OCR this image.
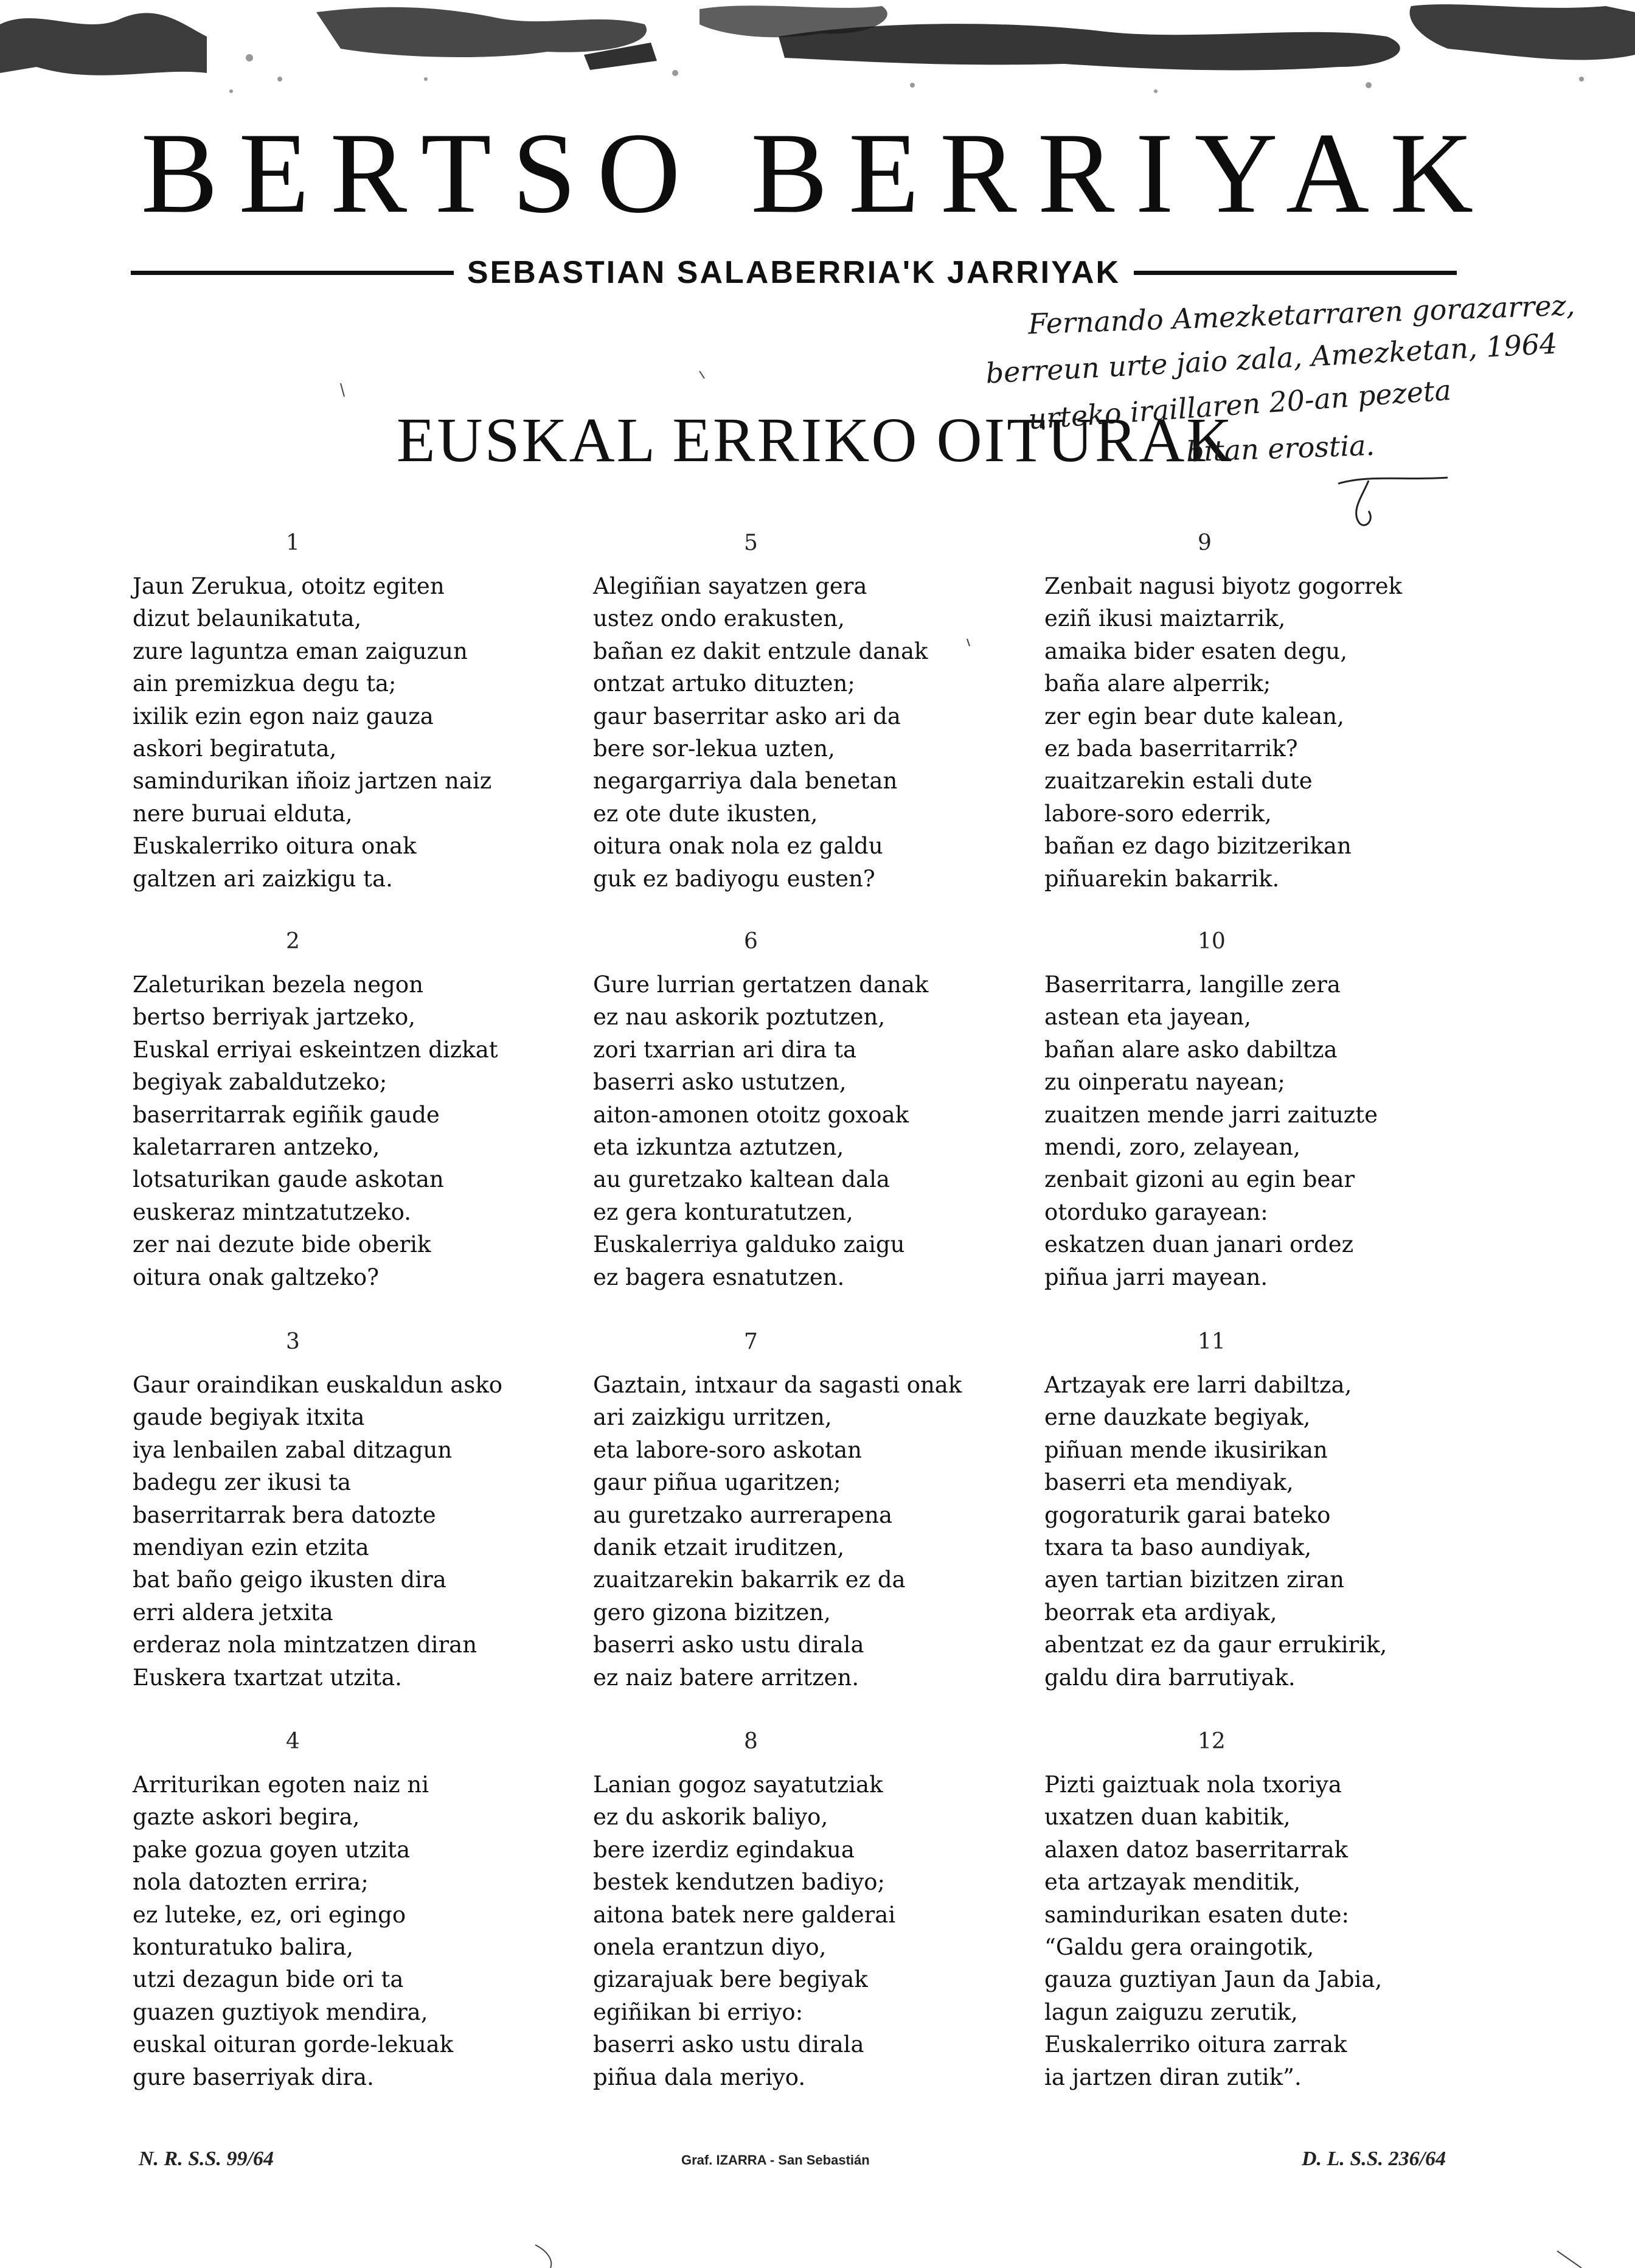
BERTSO BERRIYAK
SEBASTIAN SALABERRIA'K JARRIYAK
EUSKAL ERRIKO OITURAK
Fernando Amezketarraren gorazarrez,
berreun urte jaio zala, Amezketan, 1964
urteko iraillaren 20-an pezeta
bitan erostia.
1
Jaun Zerukua, otoitz egiten
dizut belaunikatuta,
zure laguntza eman zaiguzun
ain premizkua degu ta;
ixilik ezin egon naiz gauza
askori begiratuta,
samindurikan iñoiz jartzen naiz
nere buruai elduta,
Euskalerriko oitura onak
galtzen ari zaizkigu ta.
2
Zaleturikan bezela negon
bertso berriyak jartzeko,
Euskal erriyai eskeintzen dizkat
begiyak zabaldutzeko;
baserritarrak egiñik gaude
kaletarraren antzeko,
lotsaturikan gaude askotan
euskeraz mintzatutzeko.
zer nai dezute bide oberik
oitura onak galtzeko?
3
Gaur oraindikan euskaldun asko
gaude begiyak itxita
iya lenbailen zabal ditzagun
badegu zer ikusi ta
baserritarrak bera datozte
mendiyan ezin etzita
bat baño geigo ikusten dira
erri aldera jetxita
erderaz nola mintzatzen diran
Euskera txartzat utzita.
4
Arriturikan egoten naiz ni
gazte askori begira,
pake gozua goyen utzita
nola datozten errira;
ez luteke, ez, ori egingo
konturatuko balira,
utzi dezagun bide ori ta
guazen guztiyok mendira,
euskal oituran gorde-lekuak
gure baserriyak dira.
5
Alegiñian sayatzen gera
ustez ondo erakusten,
bañan ez dakit entzule danak
ontzat artuko dituzten;
gaur baserritar asko ari da
bere sor-lekua uzten,
negargarriya dala benetan
ez ote dute ikusten,
oitura onak nola ez galdu
guk ez badiyogu eusten?
6
Gure lurrian gertatzen danak
ez nau askorik poztutzen,
zori txarrian ari dira ta
baserri asko ustutzen,
aiton-amonen otoitz goxoak
eta izkuntza aztutzen,
au guretzako kaltean dala
ez gera konturatutzen,
Euskalerriya galduko zaigu
ez bagera esnatutzen.
7
Gaztain, intxaur da sagasti onak
ari zaizkigu urritzen,
eta labore-soro askotan
gaur piñua ugaritzen;
au guretzako aurrerapena
danik etzait iruditzen,
zuaitzarekin bakarrik ez da
gero gizona bizitzen,
baserri asko ustu dirala
ez naiz batere arritzen.
8
Lanian gogoz sayatutziak
ez du askorik baliyo,
bere izerdiz egindakua
bestek kendutzen badiyo;
aitona batek nere galderai
onela erantzun diyo,
gizarajuak bere begiyak
egiñikan bi erriyo:
baserri asko ustu dirala
piñua dala meriyo.
9
Zenbait nagusi biyotz gogorrek
eziñ ikusi maiztarrik,
amaika bider esaten degu,
baña alare alperrik;
zer egin bear dute kalean,
ez bada baserritarrik?
zuaitzarekin estali dute
labore-soro ederrik,
bañan ez dago bizitzerikan
piñuarekin bakarrik.
10
Baserritarra, langille zera
astean eta jayean,
bañan alare asko dabiltza
zu oinperatu nayean;
zuaitzen mende jarri zaituzte
mendi, zoro, zelayean,
zenbait gizoni au egin bear
otorduko garayean:
eskatzen duan janari ordez
piñua jarri mayean.
11
Artzayak ere larri dabiltza,
erne dauzkate begiyak,
piñuan mende ikusirikan
baserri eta mendiyak,
gogoraturik garai bateko
txara ta baso aundiyak,
ayen tartian bizitzen ziran
beorrak eta ardiyak,
abentzat ez da gaur errukirik,
galdu dira barrutiyak.
12
Pizti gaiztuak nola txoriya
uxatzen duan kabitik,
alaxen datoz baserritarrak
eta artzayak menditik,
samindurikan esaten dute:
“Galdu gera oraingotik,
gauza guztiyan Jaun da Jabia,
lagun zaiguzu zerutik,
Euskalerriko oitura zarrak
ia jartzen diran zutik”.
N. R. S.S. 99/64	Graf. IZARRA - San Sebastián	D. L. S.S. 236/64
